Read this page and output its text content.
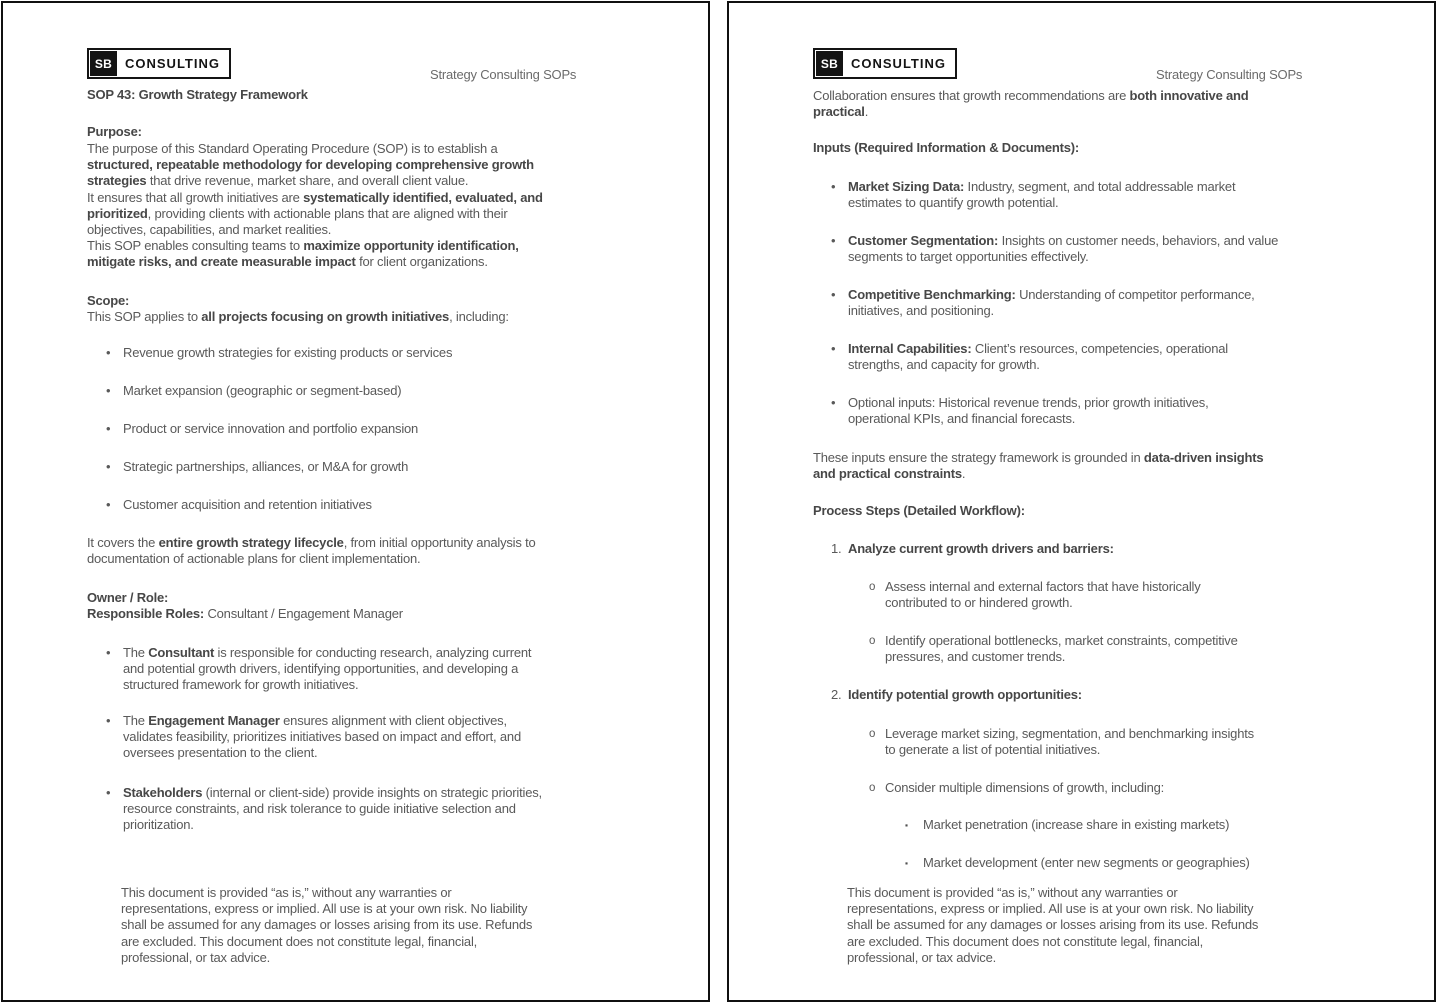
SB CONSULTING
Strategy Consulting SOPs
SOP 43: Growth Strategy Framework
Purpose:
The purpose of this Standard Operating Procedure (SOP) is to establish a
structured, repeatable methodology for developing comprehensive growth
strategies that drive revenue, market share, and overall client value.
It ensures that all growth initiatives are systematically identified, evaluated, and
prioritized, providing clients with actionable plans that are aligned with their
objectives, capabilities, and market realities.
This SOP enables consulting teams to maximize opportunity identification,
mitigate risks, and create measurable impact for client organizations.
Scope:
This SOP applies to all projects focusing on growth initiatives, including:
• Revenue growth strategies for existing products or services
• Market expansion (geographic or segment-based)
• Product or service innovation and portfolio expansion
• Strategic partnerships, alliances, or M&A for growth
• Customer acquisition and retention initiatives
It covers the entire growth strategy lifecycle, from initial opportunity analysis to
documentation of actionable plans for client implementation.
Owner / Role:
Responsible Roles: Consultant / Engagement Manager
• The Consultant is responsible for conducting research, analyzing current
and potential growth drivers, identifying opportunities, and developing a
structured framework for growth initiatives.
• The Engagement Manager ensures alignment with client objectives,
validates feasibility, prioritizes initiatives based on impact and effort, and
oversees presentation to the client.
• Stakeholders (internal or client-side) provide insights on strategic priorities,
resource constraints, and risk tolerance to guide initiative selection and
prioritization.
This document is provided “as is,” without any warranties or
representations, express or implied. All use is at your own risk. No liability
shall be assumed for any damages or losses arising from its use. Refunds
are excluded. This document does not constitute legal, financial,
professional, or tax advice.
SB CONSULTING
Strategy Consulting SOPs
Collaboration ensures that growth recommendations are both innovative and
practical.
Inputs (Required Information & Documents):
• Market Sizing Data: Industry, segment, and total addressable market
estimates to quantify growth potential.
• Customer Segmentation: Insights on customer needs, behaviors, and value
segments to target opportunities effectively.
• Competitive Benchmarking: Understanding of competitor performance,
initiatives, and positioning.
• Internal Capabilities: Client’s resources, competencies, operational
strengths, and capacity for growth.
• Optional inputs: Historical revenue trends, prior growth initiatives,
operational KPIs, and financial forecasts.
These inputs ensure the strategy framework is grounded in data-driven insights
and practical constraints.
Process Steps (Detailed Workflow):
1. Analyze current growth drivers and barriers:
o Assess internal and external factors that have historically
contributed to or hindered growth.
o Identify operational bottlenecks, market constraints, competitive
pressures, and customer trends.
2. Identify potential growth opportunities:
o Leverage market sizing, segmentation, and benchmarking insights
to generate a list of potential initiatives.
o Consider multiple dimensions of growth, including:
▪ Market penetration (increase share in existing markets)
▪ Market development (enter new segments or geographies)
This document is provided “as is,” without any warranties or
representations, express or implied. All use is at your own risk. No liability
shall be assumed for any damages or losses arising from its use. Refunds
are excluded. This document does not constitute legal, financial,
professional, or tax advice.
